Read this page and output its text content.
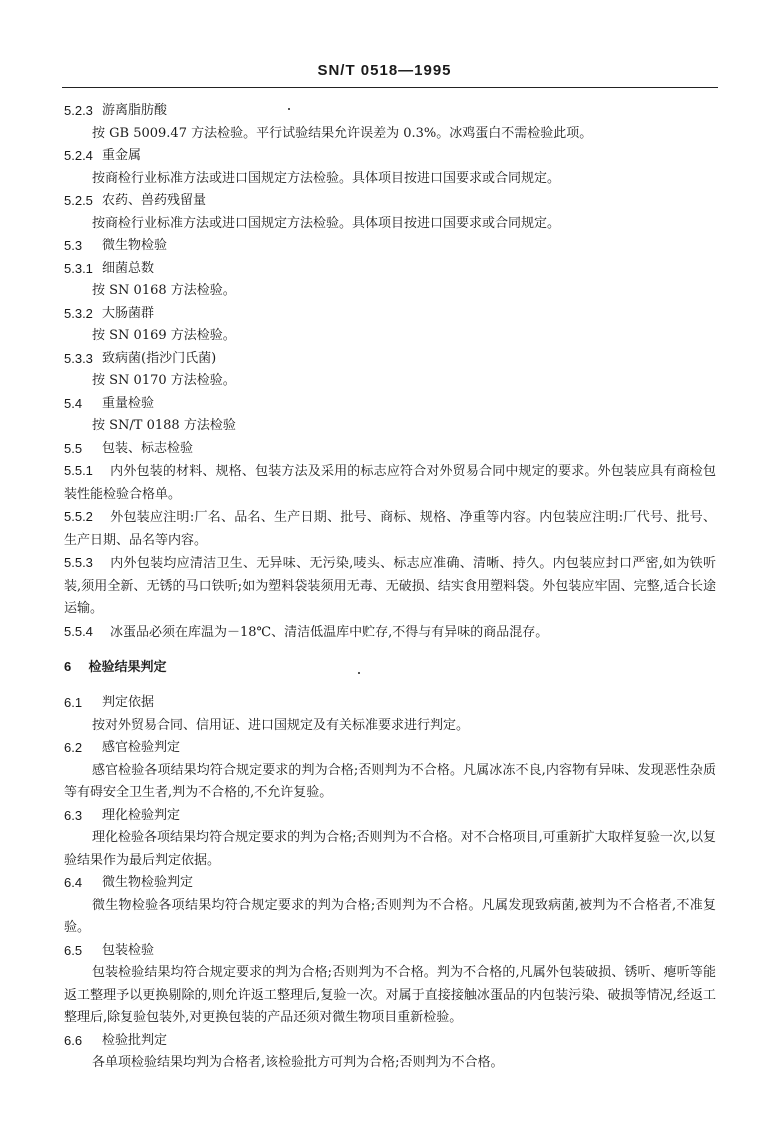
SN/T 0518—1995
5.2.3 游离脂肪酸
按 GB 5009.47 方法检验。平行试验结果允许误差为 0.3%。冰鸡蛋白不需检验此项。
5.2.4 重金属
按商检行业标准方法或进口国规定方法检验。具体项目按进口国要求或合同规定。
5.2.5 农药、兽药残留量
按商检行业标准方法或进口国规定方法检验。具体项目按进口国要求或合同规定。
5.3	微生物检验
5.3.1 细菌总数
按 SN 0168 方法检验。
5.3.2 大肠菌群
按 SN 0169 方法检验。
5.3.3 致病菌(指沙门氏菌)
按 SN 0170 方法检验。
5.4	重量检验
按 SN/T 0188 方法检验
5.5	包装、标志检验

5.5.1 内外包装的材料、规格、包装方法及采用的标志应符合对外贸易合同中规定的要求。外包装应具有商检包装性能检验合格单。

5.5.2 外包装应注明:厂名、品名、生产日期、批号、商标、规格、净重等内容。内包装应注明:厂代号、批号、生产日期、品名等内容。

5.5.3 内外包装均应清洁卫生、无异味、无污染,唛头、标志应准确、清晰、持久。内包装应封口严密,如为铁听装,须用全新、无锈的马口铁听;如为塑料袋装须用无毒、无破损、结实食用塑料袋。外包装应牢固、完整,适合长途运输。

5.5.4 冰蛋品必须在库温为－18℃、清洁低温库中贮存,不得与有异味的商品混存。

6 检验结果判定
6.1	判定依据
按对外贸易合同、信用证、进口国规定及有关标准要求进行判定。
6.2	感官检验判定

感官检验各项结果均符合规定要求的判为合格;否则判为不合格。凡属冰冻不良,内容物有异味、发现恶性杂质等有碍安全卫生者,判为不合格的,不允许复验。

6.3	理化检验判定

理化检验各项结果均符合规定要求的判为合格;否则判为不合格。对不合格项目,可重新扩大取样复验一次,以复验结果作为最后判定依据。

6.4	微生物检验判定

微生物检验各项结果均符合规定要求的判为合格;否则判为不合格。凡属发现致病菌,被判为不合格者,不准复验。

6.5	包装检验

包装检验结果均符合规定要求的判为合格;否则判为不合格。判为不合格的,凡属外包装破损、锈听、瘪听等能返工整理予以更换剔除的,则允许返工整理后,复验一次。对属于直接接触冰蛋品的内包装污染、破损等情况,经返工整理后,除复验包装外,对更换包装的产品还须对微生物项目重新检验。

6.6	检验批判定
各单项检验结果均判为合格者,该检验批方可判为合格;否则判为不合格。
